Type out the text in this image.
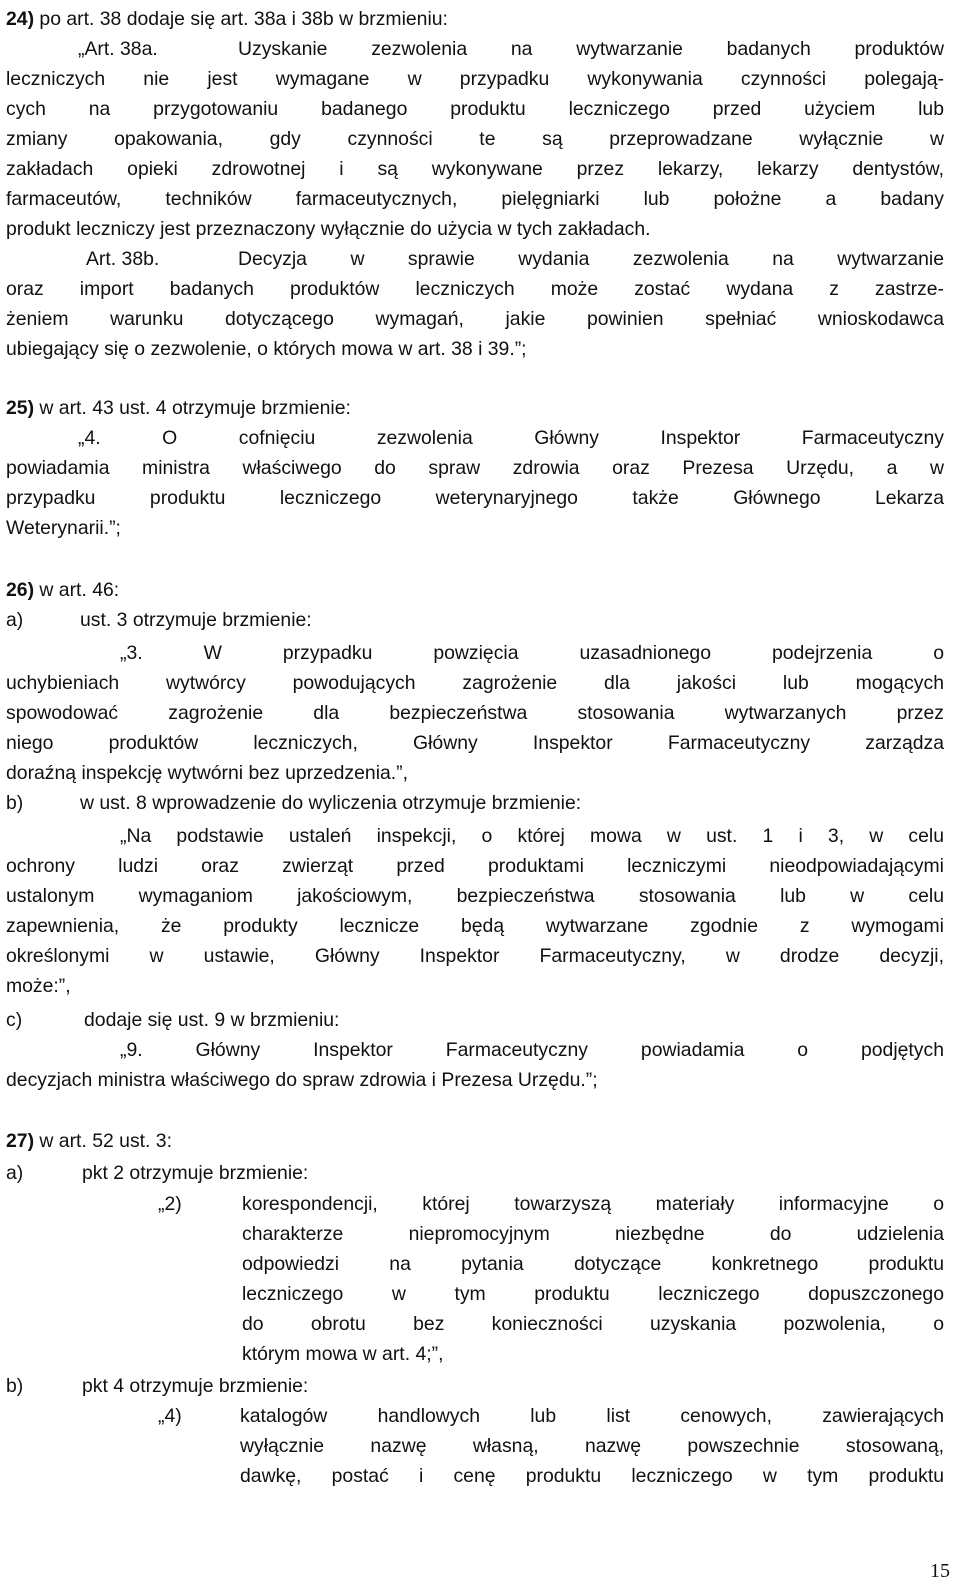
24) po art. 38 dodaje się art. 38a i 38b w brzmieniu:
„Art. 38a.	Uzyskanie zezwolenia na wytwarzanie badanych produktów
leczniczych nie jest wymagane w przypadku wykonywania czynności polegają-
cych na przygotowaniu badanego produktu leczniczego przed użyciem lub
zmiany opakowania, gdy czynności te są przeprowadzane wyłącznie w
zakładach opieki zdrowotnej i są wykonywane przez lekarzy, lekarzy dentystów,
farmaceutów, techników farmaceutycznych, pielęgniarki lub położne a badany
produkt leczniczy jest przeznaczony wyłącznie do użycia w tych zakładach.
Art. 38b.	Decyzja w sprawie wydania zezwolenia na wytwarzanie
oraz import badanych produktów leczniczych może zostać wydana z zastrze-
żeniem warunku dotyczącego wymagań, jakie powinien spełniać wnioskodawca
ubiegający się o zezwolenie, o których mowa w art. 38 i 39.”;
25) w art. 43 ust. 4 otrzymuje brzmienie:
„4. O cofnięciu zezwolenia Główny Inspektor Farmaceutyczny
powiadamia ministra właściwego do spraw zdrowia oraz Prezesa Urzędu, a w
przypadku produktu leczniczego weterynaryjnego także Głównego Lekarza
Weterynarii.”;
26) w art. 46:
a)	ust. 3 otrzymuje brzmienie:
„3. W przypadku powzięcia uzasadnionego podejrzenia o
uchybieniach wytwórcy powodujących zagrożenie dla jakości lub mogących
spowodować zagrożenie dla bezpieczeństwa stosowania wytwarzanych przez
niego produktów leczniczych, Główny Inspektor Farmaceutyczny zarządza
doraźną inspekcję wytwórni bez uprzedzenia.”,
b)	w ust. 8 wprowadzenie do wyliczenia otrzymuje brzmienie:
„Na podstawie ustaleń inspekcji, o której mowa w ust. 1 i 3, w celu
ochrony ludzi oraz zwierząt przed produktami leczniczymi nieodpowiadającymi
ustalonym wymaganiom jakościowym, bezpieczeństwa stosowania lub w celu
zapewnienia, że produkty lecznicze będą wytwarzane zgodnie z wymogami
określonymi w ustawie, Główny Inspektor Farmaceutyczny, w drodze decyzji,
może:”,
c)	dodaje się ust. 9 w brzmieniu:
„9. Główny Inspektor Farmaceutyczny powiadamia o podjętych
decyzjach ministra właściwego do spraw zdrowia i Prezesa Urzędu.”;
27) w art. 52 ust. 3:
a)	pkt 2 otrzymuje brzmienie:
„2)	korespondencji, której towarzyszą materiały informacyjne o
charakterze niepromocyjnym niezbędne do udzielenia
odpowiedzi na pytania dotyczące konkretnego produktu
leczniczego w tym produktu leczniczego dopuszczonego
do obrotu bez konieczności uzyskania pozwolenia, o
którym mowa w art. 4;”,
b)	pkt 4 otrzymuje brzmienie:
„4)	katalogów handlowych lub list cenowych, zawierających
wyłącznie nazwę własną, nazwę powszechnie stosowaną,
dawkę, postać i cenę produktu leczniczego w tym produktu
15
